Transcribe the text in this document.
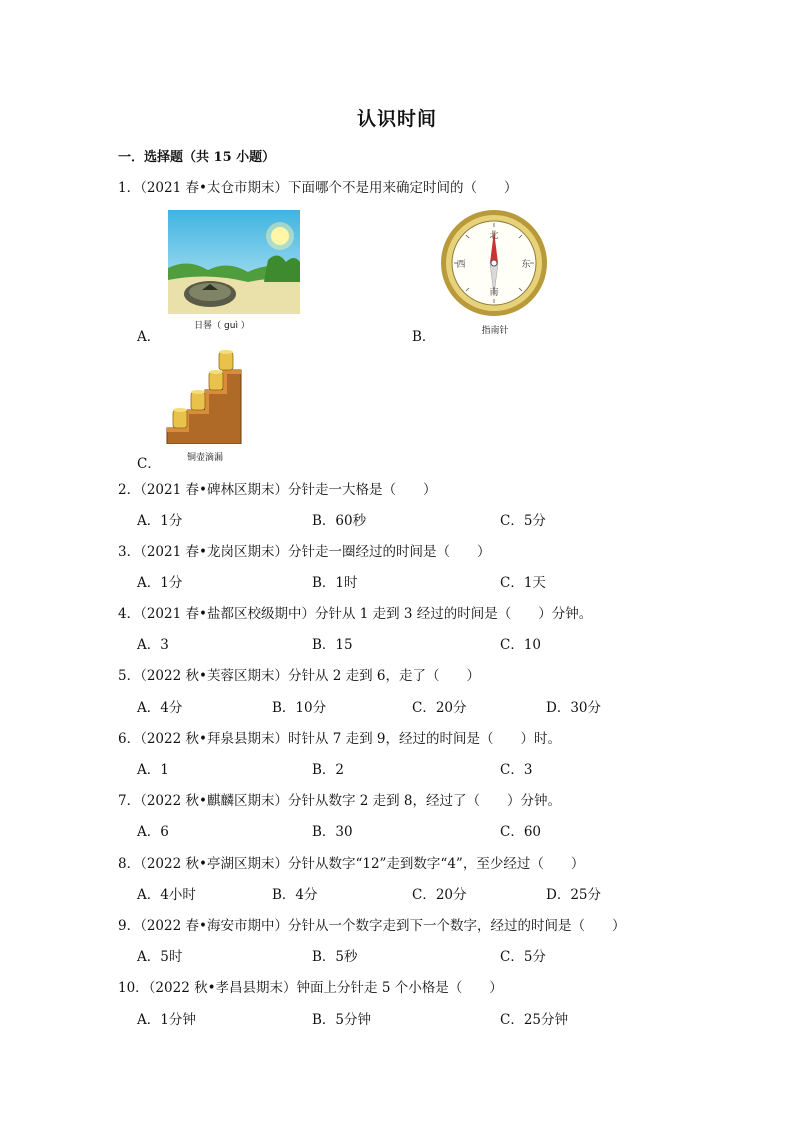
认识时间
一．选择题（共 15 小题）
1．（2021 春•太仓市期末）下面哪个不是用来确定时间的（　　）
A．
日晷（ guì ）
B．
北
南
东
西
指南针
C．	铜壶滴漏
2．（2021 春•碑林区期末）分针走一大格是（　　）
A．1分	B．60秒	C．5分
3．（2021 春•龙岗区期末）分针走一圈经过的时间是（　　）
A．1分	B．1时	C．1天
4．（2021 春•盐都区校级期中）分针从 1 走到 3 经过的时间是（　　）分钟。
A．3	B．15	C．10
5．（2022 秋•芙蓉区期末）分针从 2 走到 6，走了（　　）
A．4分	B．10分	C．20分	D．30分
6．（2022 秋•拜泉县期末）时针从 7 走到 9，经过的时间是（　　）时。
A．1	B．2	C．3
7．（2022 秋•麒麟区期末）分针从数字 2 走到 8，经过了（　　）分钟。
A．6	B．30	C．60
8．（2022 秋•亭湖区期末）分针从数字“12”走到数字“4”，至少经过（　　）
A．4小时	B．4分	C．20分	D．25分
9．（2022 春•海安市期中）分针从一个数字走到下一个数字，经过的时间是（　　）
A．5时	B．5秒	C．5分
10．（2022 秋•孝昌县期末）钟面上分针走 5 个小格是（　　）
A．1分钟	B．5分钟	C．25分钟
